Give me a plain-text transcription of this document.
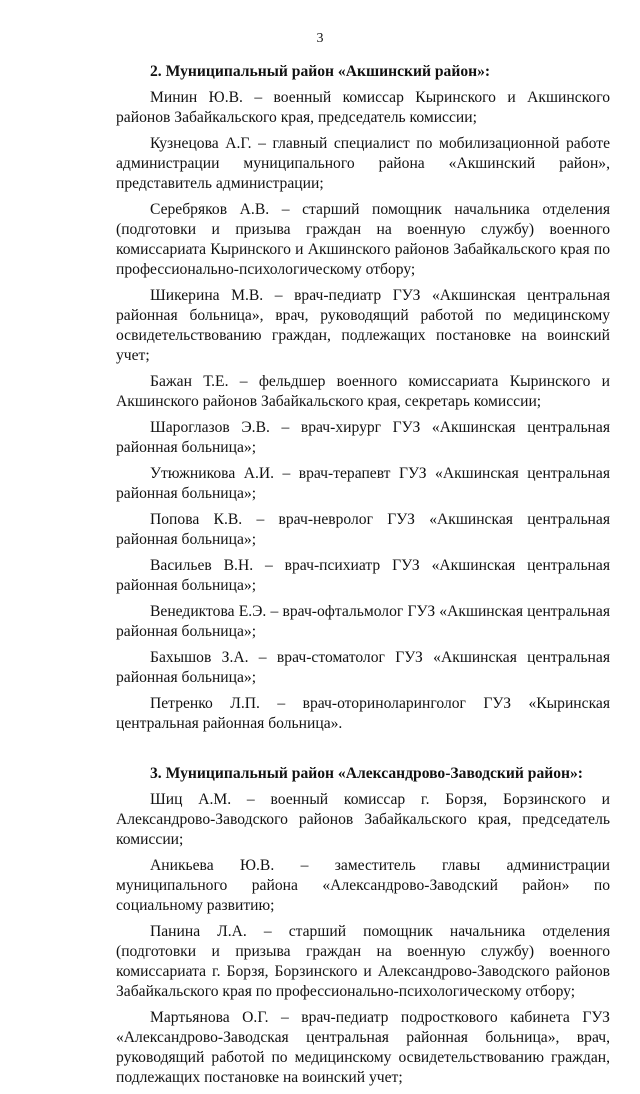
3

2. Муниципальный район «Акшинский район»:

Минин Ю.В. – военный комиссар Кыринского и Акшинского районов Забайкальского края, председатель комиссии;

Кузнецова А.Г. – главный специалист по мобилизационной работе администрации муниципального района «Акшинский район», представитель администрации;

Серебряков А.В. – старший помощник начальника отделения (подготовки и призыва граждан на военную службу) военного комиссариата Кыринского и Акшинского районов Забайкальского края по профессионально-психологическому отбору;

Шикерина М.В. – врач-педиатр ГУЗ «Акшинская центральная районная больница», врач, руководящий работой по медицинскому освидетельствованию граждан, подлежащих постановке на воинский учет;

Бажан Т.Е. – фельдшер военного комиссариата Кыринского и Акшинского районов Забайкальского края, секретарь комиссии;

Шароглазов Э.В. – врач-хирург ГУЗ «Акшинская центральная районная больница»;

Утюжникова А.И. – врач-терапевт ГУЗ «Акшинская центральная районная больница»;

Попова К.В. – врач-невролог ГУЗ «Акшинская центральная районная больница»;

Васильев В.Н. – врач-психиатр ГУЗ «Акшинская центральная районная больница»;

Венедиктова Е.Э. – врач-офтальмолог ГУЗ «Акшинская центральная районная больница»;

Бахышов З.А. – врач-стоматолог ГУЗ «Акшинская центральная районная больница»;

Петренко Л.П. – врач-оториноларинголог ГУЗ «Кыринская центральная районная больница».

3. Муниципальный район «Александрово-Заводский район»:

Шиц А.М. – военный комиссар г. Борзя, Борзинского и Александрово-Заводского районов Забайкальского края, председатель комиссии;

Аникьева Ю.В. – заместитель главы администрации муниципального района «Александрово-Заводский район» по социальному развитию;

Панина Л.А. – старший помощник начальника отделения (подготовки и призыва граждан на военную службу) военного комиссариата г. Борзя, Борзинского и Александрово-Заводского районов Забайкальского края по профессионально-психологическому отбору;

Мартьянова О.Г. – врач-педиатр подросткового кабинета ГУЗ «Александрово-Заводская центральная районная больница», врач, руководящий работой по медицинскому освидетельствованию граждан, подлежащих постановке на воинский учет;
